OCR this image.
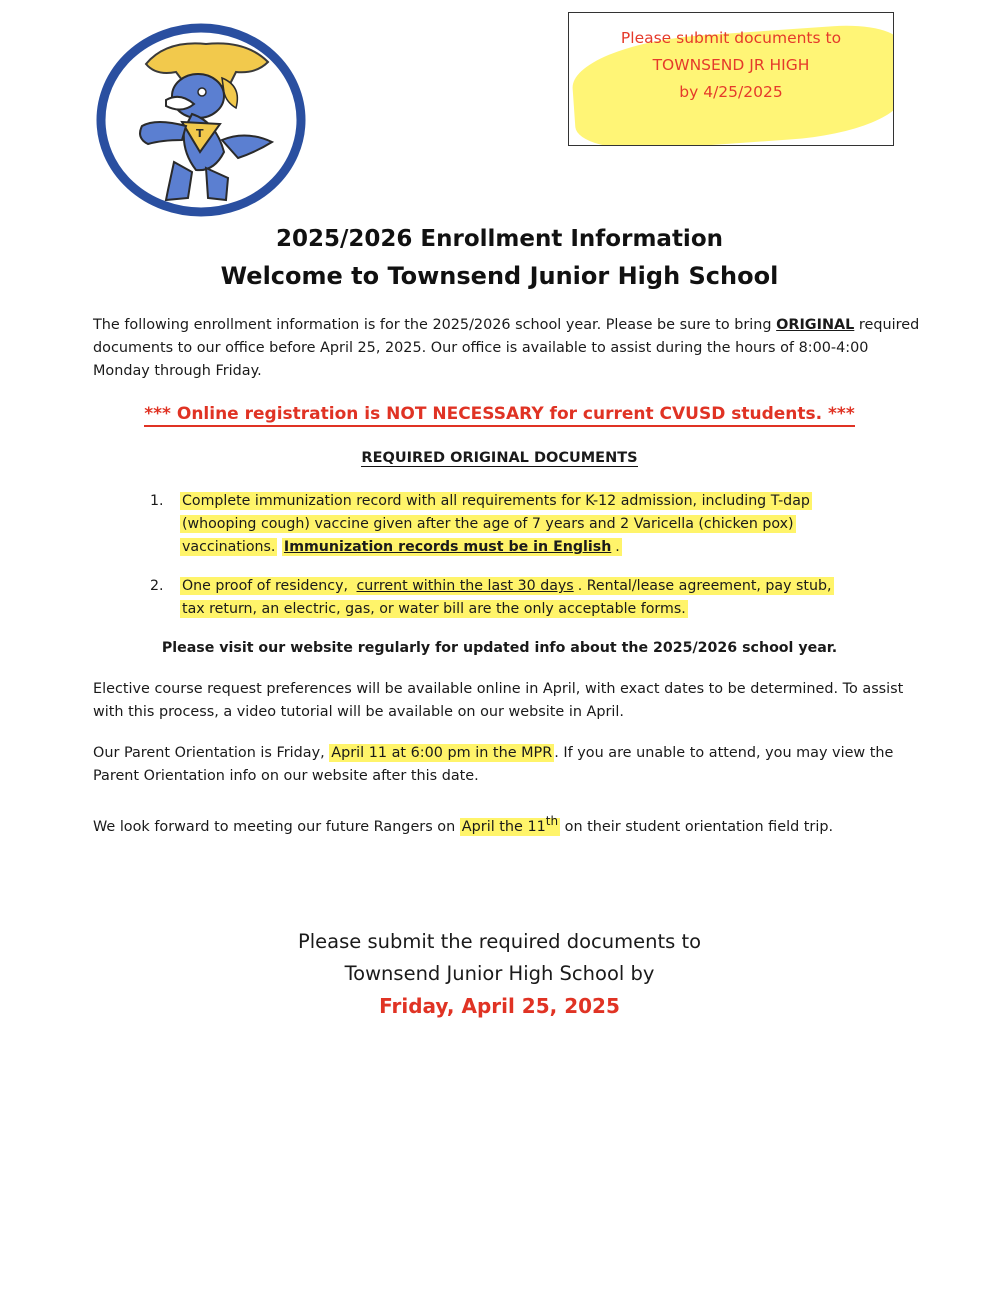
T
Please submit documents to
TOWNSEND JR HIGH
by 4/25/2025
2025/2026 Enrollment Information
Welcome to Townsend Junior High School
The following enrollment information is for the 2025/2026 school year. Please be sure to bring ORIGINAL required documents to our office before April 25, 2025. Our office is available to assist during the hours of 8:00-4:00 Monday through Friday.
*** Online registration is NOT NECESSARY for current CVUSD students. ***
REQUIRED ORIGINAL DOCUMENTS
1.	Complete immunization record with all requirements for K-12 admission, including T-dap (whooping cough) vaccine given after the age of 7 years and 2 Varicella (chicken pox) vaccinations. Immunization records must be in English .
2.	One proof of residency, current within the last 30 days . Rental/lease agreement, pay stub, tax return, an electric, gas, or water bill are the only acceptable forms.
Please visit our website regularly for updated info about the 2025/2026 school year.
Elective course request preferences will be available online in April, with exact dates to be determined. To assist with this process, a video tutorial will be available on our website in April.
Our Parent Orientation is Friday, April 11 at 6:00 pm in the MPR . If you are unable to attend, you may view the Parent Orientation info on our website after this date.
We look forward to meeting our future Rangers on April the 11th on their student orientation field trip.
Please submit the required documents to
Townsend Junior High School by
Friday, April 25, 2025
